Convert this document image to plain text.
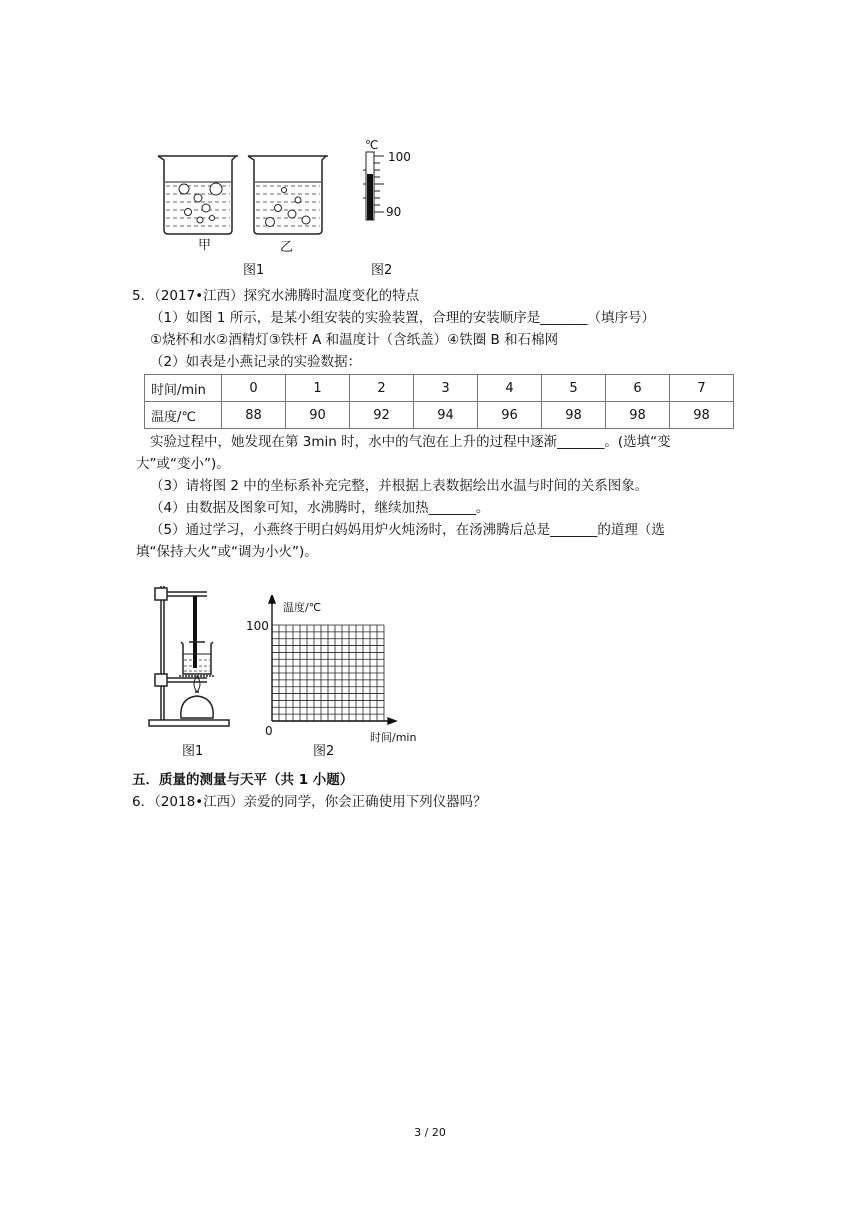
℃
100
90
甲	乙
图1	图2
5．（2017•江西）探究水沸腾时温度变化的特点
（1）如图 1 所示，是某小组安装的实验装置，合理的安装顺序是_______（填序号）
①烧杯和水②酒精灯③铁杆 A 和温度计（含纸盖）④铁圈 B 和石棉网
（2）如表是小燕记录的实验数据：
时间/min	0	1	2	3	4	5	6	7
温度/℃	88	90	92	94	96	98	98	98
实验过程中，她发现在第 3min 时，水中的气泡在上升的过程中逐渐_______。(选填“变
大”或“变小”)。
（3）请将图 2 中的坐标系补充完整，并根据上表数据绘出水温与时间的关系图象。
（4）由数据及图象可知，水沸腾时，继续加热_______。
（5）通过学习，小燕终于明白妈妈用炉火炖汤时，在汤沸腾后总是_______的道理（选
填“保持大火”或“调为小火”)。
图1
温度/℃
100
0	时间/min
图2
五．质量的测量与天平（共 1 小题）
6．（2018•江西）亲爱的同学，你会正确使用下列仪器吗？
3 / 20
